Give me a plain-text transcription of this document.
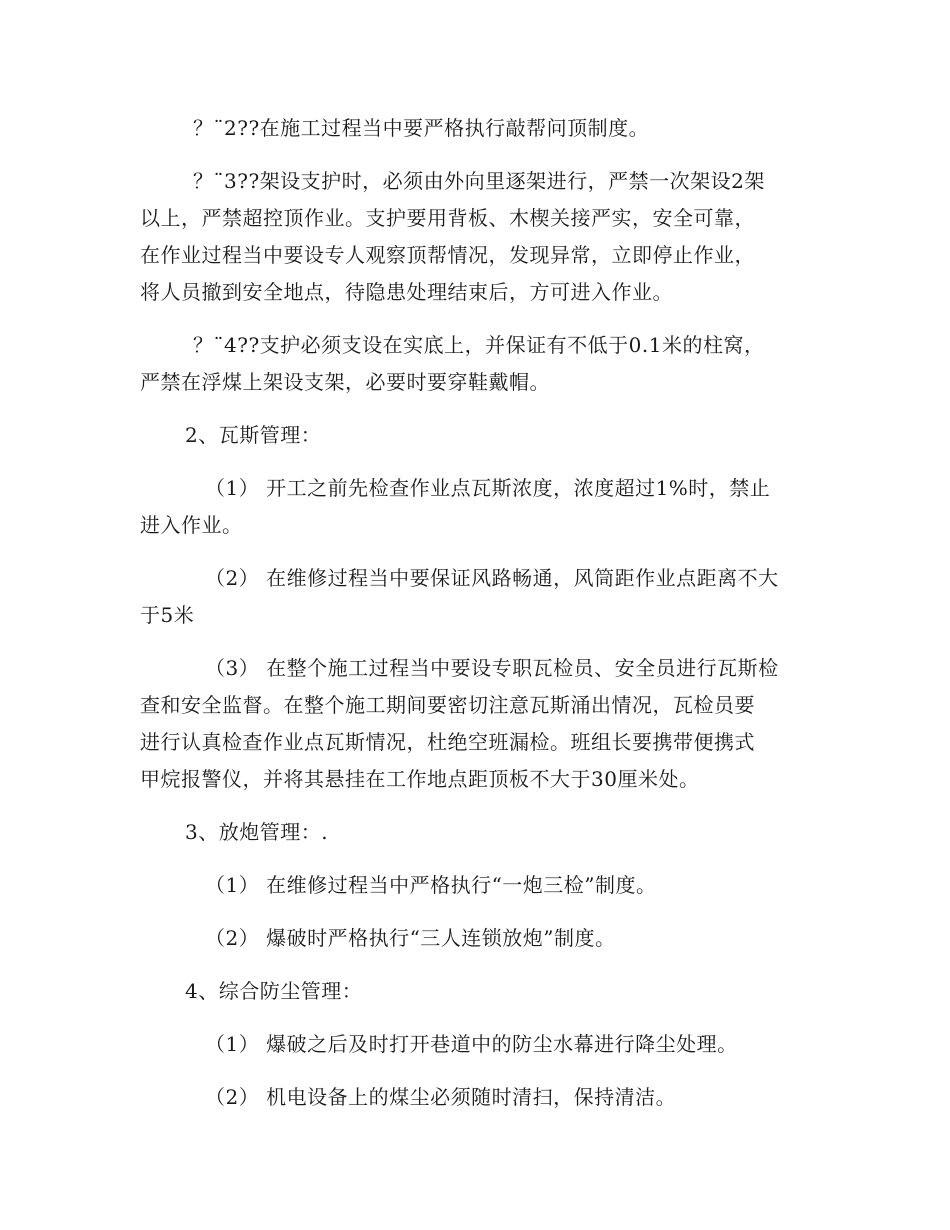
？¨2??在施工过程当中要严格执行敲帮问顶制度。
？¨3??架设支护时，必须由外向里逐架进行，严禁一次架设2架
以上，严禁超控顶作业。支护要用背板、木楔关接严实，安全可靠，
在作业过程当中要设专人观察顶帮情况，发现异常，立即停止作业，
将人员撤到安全地点，待隐患处理结束后，方可进入作业。
？¨4??支护必须支设在实底上，并保证有不低于0.1米的柱窝，
严禁在浮煤上架设支架，必要时要穿鞋戴帽。
2、瓦斯管理：
（1） 开工之前先检查作业点瓦斯浓度，浓度超过1%时，禁止
进入作业。
（2） 在维修过程当中要保证风路畅通，风筒距作业点距离不大
于5米
（3） 在整个施工过程当中要设专职瓦检员、安全员进行瓦斯检
查和安全监督。在整个施工期间要密切注意瓦斯涌出情况，瓦检员要
进行认真检查作业点瓦斯情况，杜绝空班漏检。班组长要携带便携式
甲烷报警仪，并将其悬挂在工作地点距顶板不大于30厘米处。
3、放炮管理：.
（1） 在维修过程当中严格执行“一炮三检”制度。
（2） 爆破时严格执行“三人连锁放炮”制度。
4、综合防尘管理：
（1） 爆破之后及时打开巷道中的防尘水幕进行降尘处理。
（2） 机电设备上的煤尘必须随时清扫，保持清洁。
